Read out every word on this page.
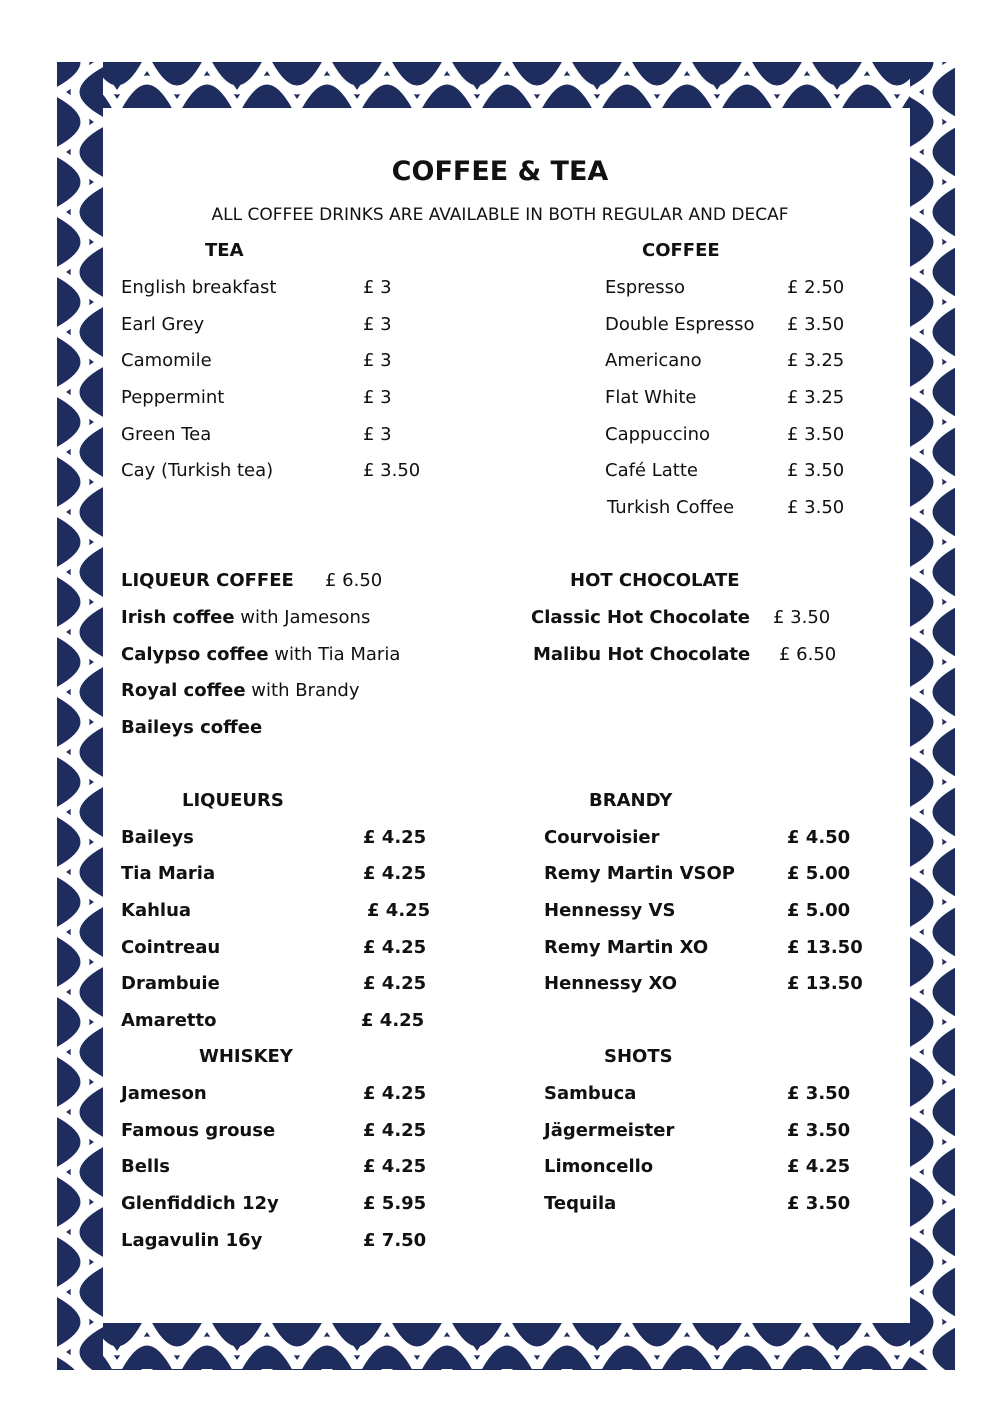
COFFEE & TEA
ALL COFFEE DRINKS ARE AVAILABLE IN BOTH REGULAR AND DECAF
TEA
English breakfast	£ 3
Earl Grey	£ 3
Camomile	£ 3
Peppermint	£ 3
Green Tea	£ 3
Cay (Turkish tea)	£ 3.50
COFFEE
Espresso	£ 2.50
Double Espresso £ 3.50
Americano	£ 3.25
Flat White	£ 3.25
Cappuccino	£ 3.50
Café Latte	£ 3.50
Turkish Coffee	£ 3.50
LIQUEUR COFFEE £ 6.50
Irish coffee with Jamesons
Calypso coffee with Tia Maria
Royal coffee with Brandy
Baileys coffee
HOT CHOCOLATE
Classic Hot Chocolate £ 3.50
Malibu Hot Chocolate £ 6.50
LIQUEURS
Baileys	£ 4.25
Tia Maria	£ 4.25
Kahlua	£ 4.25
Cointreau	£ 4.25
Drambuie	£ 4.25
Amaretto	£ 4.25
BRANDY
Courvoisier	£ 4.50
Remy Martin VSOP	£ 5.00
Hennessy VS	£ 5.00
Remy Martin XO	£ 13.50
Hennessy XO	£ 13.50
WHISKEY
Jameson	£ 4.25
Famous grouse	£ 4.25
Bells	£ 4.25
Glenfiddich 12y	£ 5.95
Lagavulin 16y	£ 7.50
SHOTS
Sambuca	£ 3.50
Jägermeister	£ 3.50
Limoncello	£ 4.25
Tequila	£ 3.50
